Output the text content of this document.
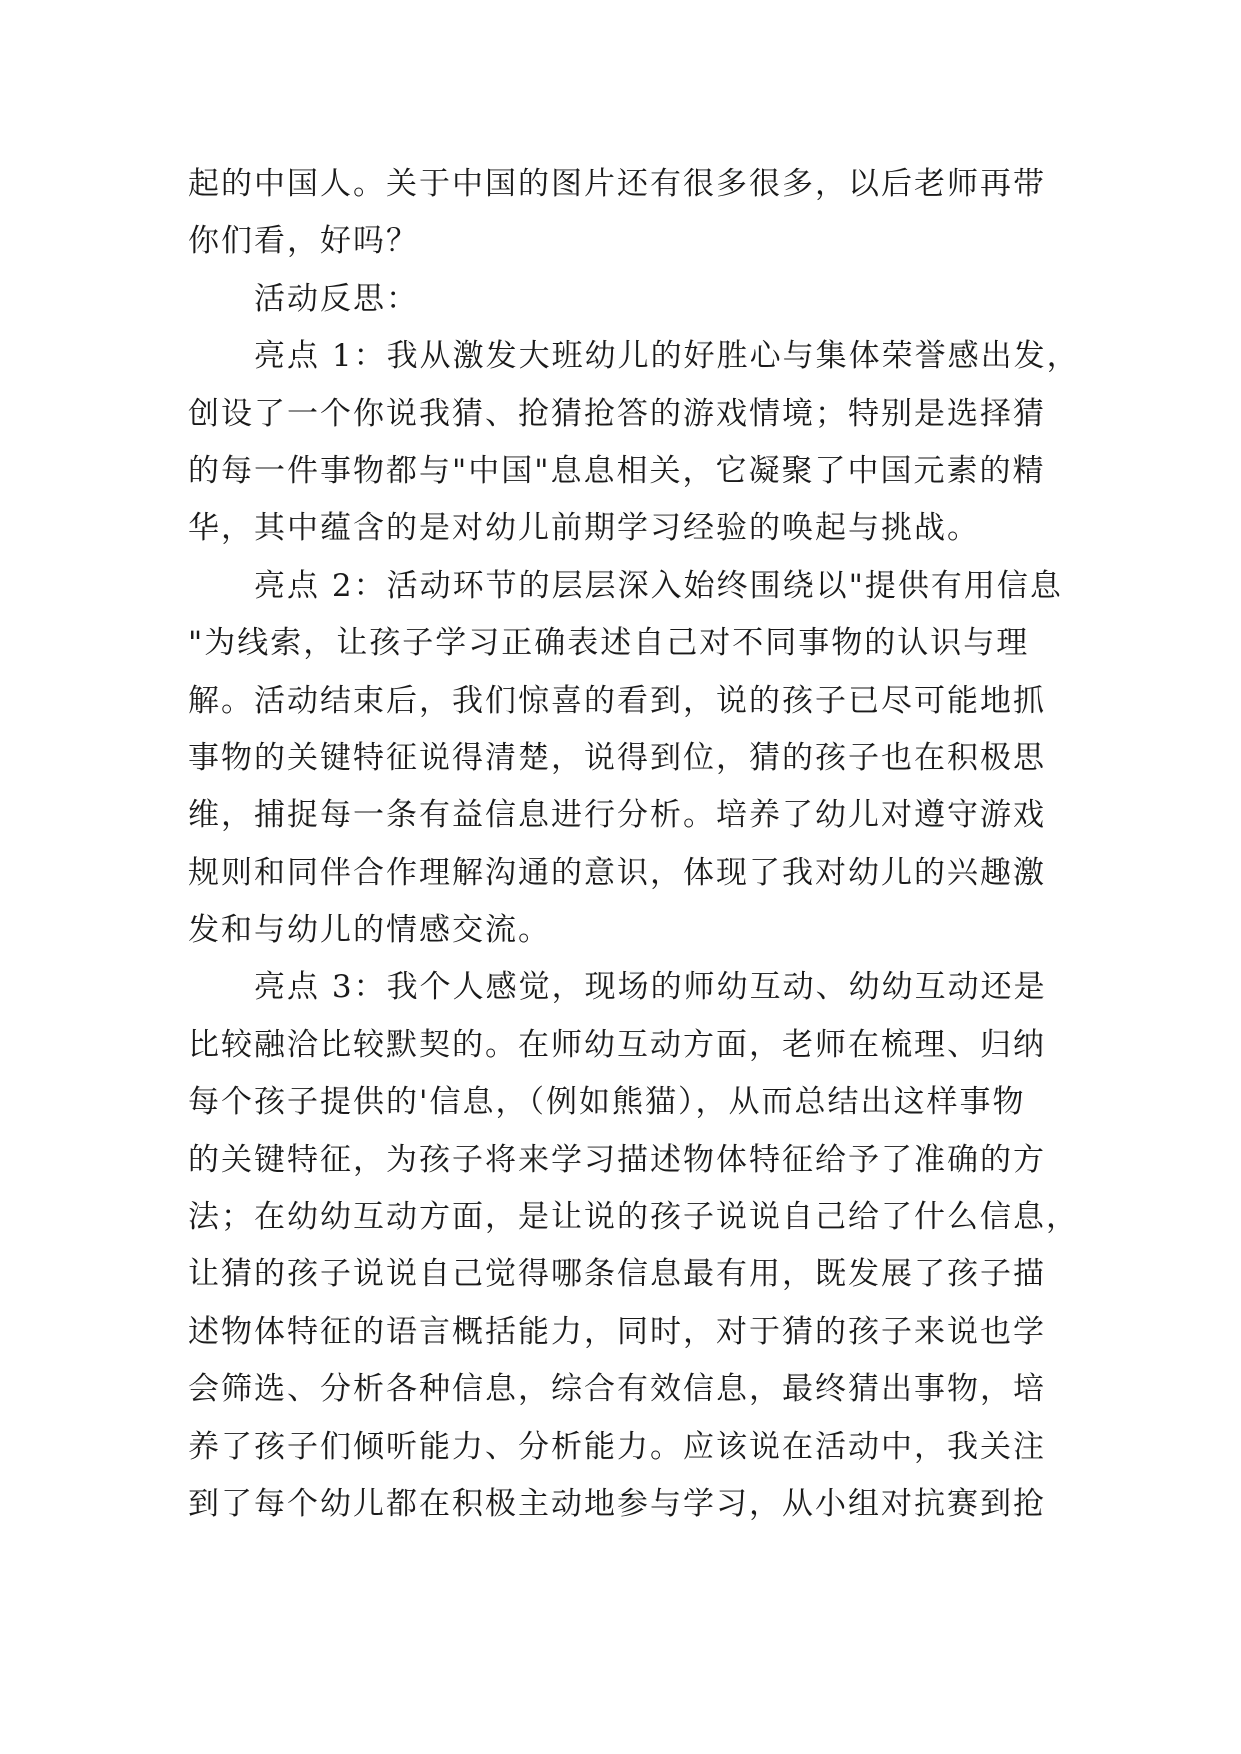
起的中国人。关于中国的图片还有很多很多，以后老师再带
你们看，好吗？
活动反思：
亮点 1：我从激发大班幼儿的好胜心与集体荣誉感出发，
创设了一个你说我猜、抢猜抢答的游戏情境；特别是选择猜
的每一件事物都与"中国"息息相关，它凝聚了中国元素的精
华，其中蕴含的是对幼儿前期学习经验的唤起与挑战。
亮点 2：活动环节的层层深入始终围绕以"提供有用信息
"为线索，让孩子学习正确表述自己对不同事物的认识与理
解。活动结束后，我们惊喜的看到，说的孩子已尽可能地抓
事物的关键特征说得清楚，说得到位，猜的孩子也在积极思
维，捕捉每一条有益信息进行分析。培养了幼儿对遵守游戏
规则和同伴合作理解沟通的意识，体现了我对幼儿的兴趣激
发和与幼儿的情感交流。
亮点 3：我个人感觉，现场的师幼互动、幼幼互动还是
比较融洽比较默契的。在师幼互动方面，老师在梳理、归纳
每个孩子提供的'信息，（例如熊猫），从而总结出这样事物
的关键特征，为孩子将来学习描述物体特征给予了准确的方
法；在幼幼互动方面，是让说的孩子说说自己给了什么信息，
让猜的孩子说说自己觉得哪条信息最有用，既发展了孩子描
述物体特征的语言概括能力，同时，对于猜的孩子来说也学
会筛选、分析各种信息，综合有效信息，最终猜出事物，培
养了孩子们倾听能力、分析能力。应该说在活动中，我关注
到了每个幼儿都在积极主动地参与学习，从小组对抗赛到抢
